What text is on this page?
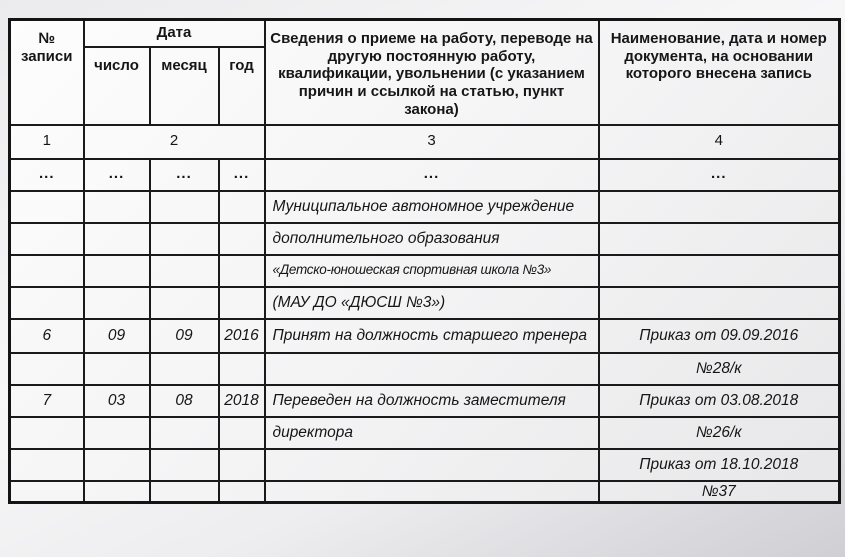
№ записи	Дата			Сведения о приеме на работу, переводе на другую постоянную работу, квалификации, увольнении (с указанием причин и ссылкой на статью, пункт закона)	Наименование, дата и номер документа, на основании которого внесена запись
	число	месяц	год		
1	2			3	4
...	...	...	...	...	...
				Муниципальное автономное учреждение	
				дополнительного образования	
				«Детско-юношеская спортивная школа №3»	
				(МАУ ДО «ДЮСШ №3»)	
6	09	09	2016	Принят на должность старшего тренера	Приказ от 09.09.2016
					№28/к
7	03	08	2018	Переведен на должность заместителя	Приказ от 03.08.2018
				директора	№26/к
					Приказ от 18.10.2018
					№37
